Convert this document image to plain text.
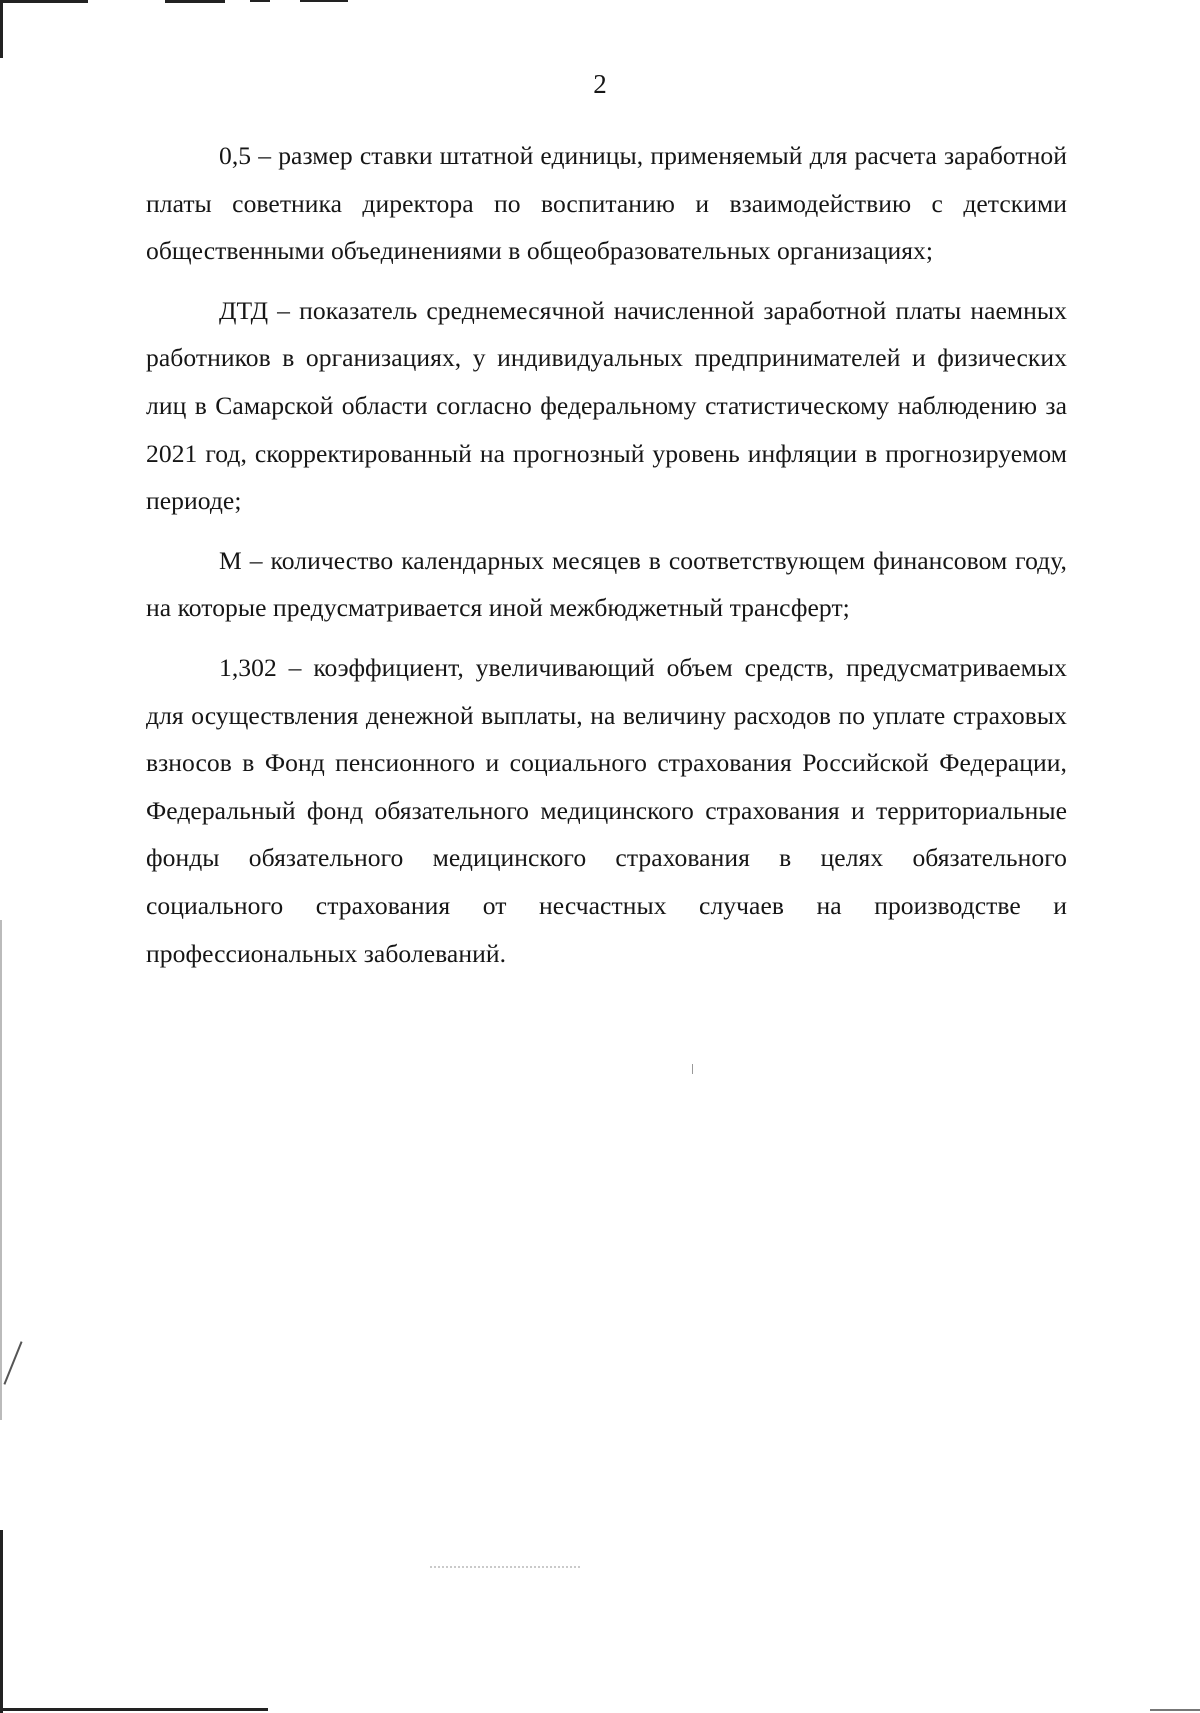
2

0,5 – размер ставки штатной единицы, применяемый для расчета заработной платы советника директора по воспитанию и взаимодействию с детскими общественными объединениями в общеобразовательных организациях;

ДТД – показатель среднемесячной начисленной заработной платы наемных работников в организациях, у индивидуальных предпринимателей и физических лиц в Самарской области согласно федеральному статистическому наблюдению за 2021 год, скорректированный на прогнозный уровень инфляции в прогнозируемом периоде;

М – количество календарных месяцев в соответствующем финансовом году, на которые предусматривается иной межбюджетный трансферт;

1,302 – коэффициент, увеличивающий объем средств, предусматриваемых для осуществления денежной выплаты, на величину расходов по уплате страховых взносов в Фонд пенсионного и социального страхования Российской Федерации, Федеральный фонд обязательного медицинского страхования и территориальные фонды обязательного медицинского страхования в целях обязательного социального страхования от несчастных случаев на производстве и профессиональных заболеваний.
